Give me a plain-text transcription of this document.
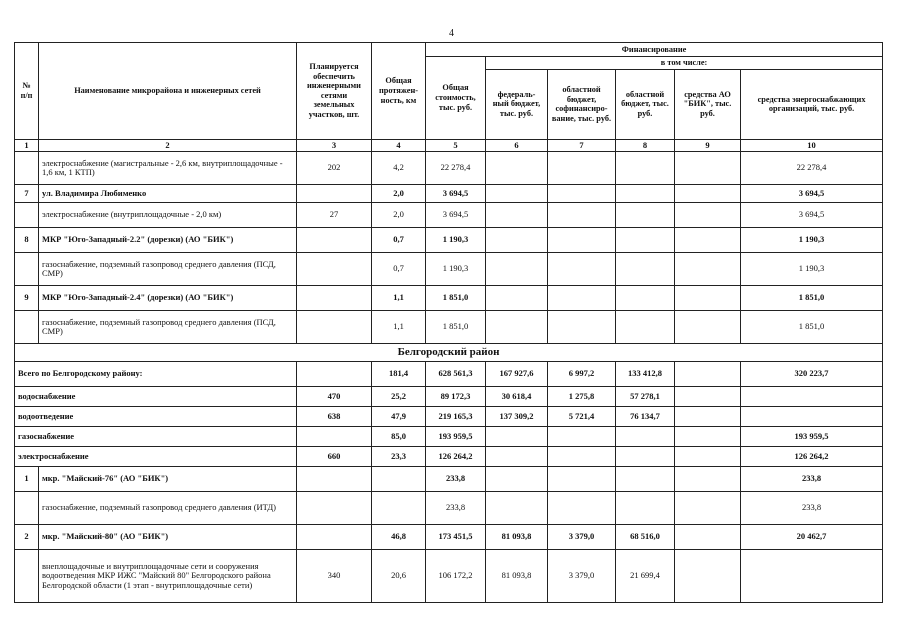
4
№
п/п	Наименование микрорайона и инженерных сетей	Планируется обеспечить инженерными сетями земельных участков, шт.	Общая протяжен- ность, км	Финансирование					
				Общая стоимость, тыс. руб.	в том числе:				
					федераль- ный бюджет, тыс. руб.	областной бюджет, софинансиро- вание, тыс. руб.	областной бюджет, тыс. руб.	средства АО "БИК", тыс. руб.	средства энергоснабжающих организаций, тыс. руб.
1	2	3	4	5	6	7	8	9	10
	электроснабжение (магистральные - 2,6 км, внутриплощадочные - 1,6 км, 1 КТП)	202	4,2	22 278,4					22 278,4
7	ул. Владимира Любименко		2,0	3 694,5					3 694,5
	электроснабжение (внутриплощадочные - 2,0 км)	27	2,0	3 694,5					3 694,5
8	МКР "Юго-Западный-2.2" (дорезки) (АО "БИК")		0,7	1 190,3					1 190,3
	газоснабжение, подземный газопровод среднего давления (ПСД, СМР)		0,7	1 190,3					1 190,3
9	МКР "Юго-Западный-2.4" (дорезки) (АО "БИК")		1,1	1 851,0					1 851,0
	газоснабжение, подземный газопровод среднего давления (ПСД, СМР)		1,1	1 851,0					1 851,0
Белгородский район									
Всего по Белгородскому району:			181,4	628 561,3	167 927,6	6 997,2	133 412,8		320 223,7
водоснабжение		470	25,2	89 172,3	30 618,4	1 275,8	57 278,1		
водоотведение		638	47,9	219 165,3	137 309,2	5 721,4	76 134,7		
газоснабжение			85,0	193 959,5					193 959,5
электроснабжение		660	23,3	126 264,2					126 264,2
1	мкр. "Майский-76" (АО "БИК")			233,8					233,8
	газоснабжение, подземный газопровод среднего давления (ИТД)			233,8					233,8
2	мкр. "Майский-80" (АО "БИК")		46,8	173 451,5	81 093,8	3 379,0	68 516,0		20 462,7
	внеплощадочные и внутриплощадочные сети и сооружения водоотведения МКР ИЖС "Майский 80" Белгородского района Белгородской области (1 этап - внутриплощадочные сети)	340	20,6	106 172,2	81 093,8	3 379,0	21 699,4		
